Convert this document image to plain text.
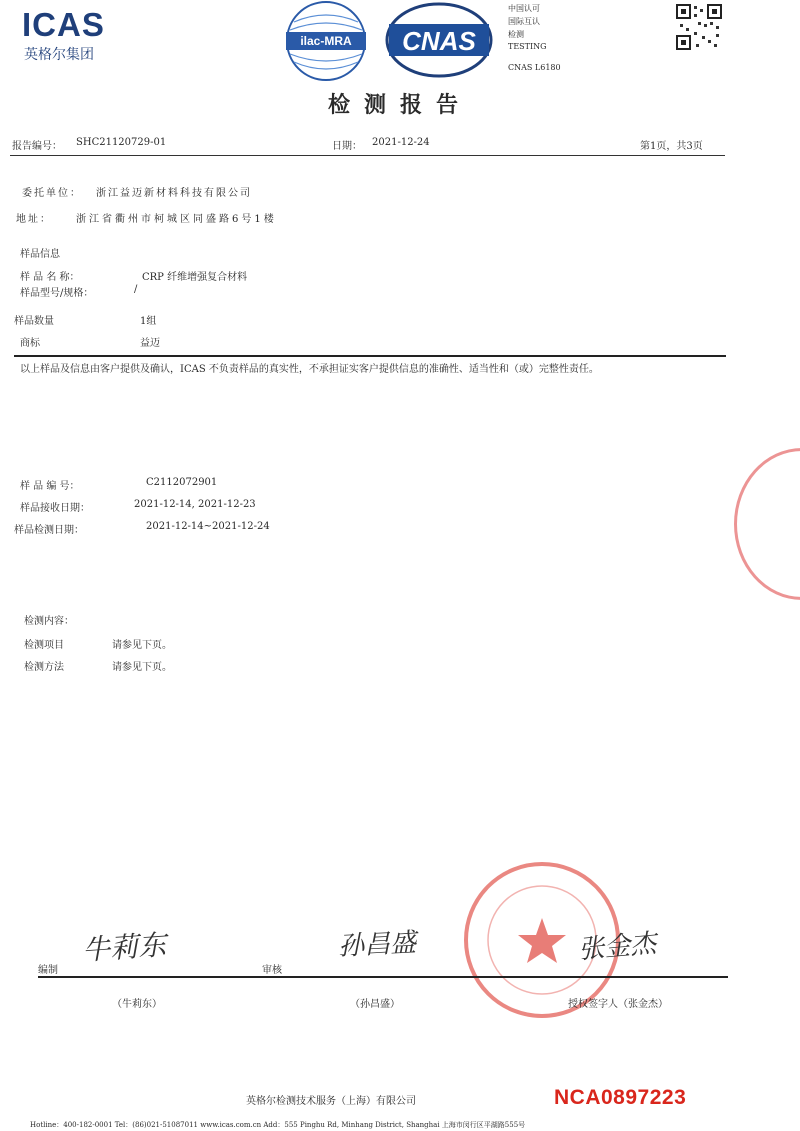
ICAS
英格尔集团
ilac-MRA CNAS
中国认可
国际互认
检测
TESTING
CNAS L6180
检测报告
报告编号： SHC21120729-01	日期： 2021-12-24	第1页，共3页
委托单位： 浙江益迈新材料科技有限公司
地址： 浙江省衢州市柯城区同盛路6号1楼
样品信息
样 品 名 称：	CRP 纤维增强复合材料
样品型号/规格：	/
样品数量	1组
商标	益迈
以上样品及信息由客户提供及确认，ICAS 不负责样品的真实性，不承担证实客户提供信息的准确性、适当性和（或）完整性责任。
样 品 编 号：	C2112072901
样品接收日期：	2021-12-14, 2021-12-23
样品检测日期：	2021-12-14~2021-12-24
检测内容：
检测项目	请参见下页。
检测方法	请参见下页。
牛莉东	孙昌盛	张金杰
编制	审核
（牛莉东）	（孙昌盛）	授权签字人（张金杰）
英格尔检测技术服务（上海）有限公司	NCA0897223
Hotline：400-182-0001 Tel：(86)021-51087011 www.icas.com.cn Add：555 Pinghu Rd, Minhang District, Shanghai 上海市闵行区平湖路555号
